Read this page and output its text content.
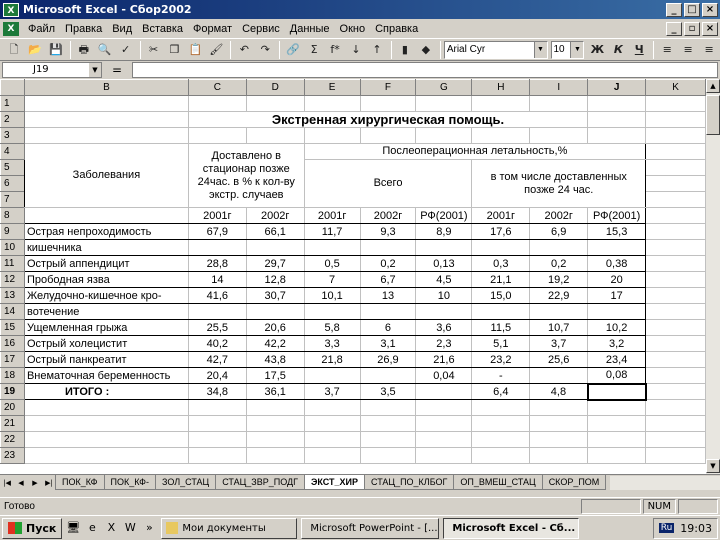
X Microsoft Excel - Сбор2002	_	□ ×
X	Файл Правка Вид Вставка Формат Сервис Данные Окно Справка	_	▫	×
🗋 📂 💾	🖶 🔍 ✓	✂	❐ 📋 🖌	↶	↷	🔗 Σ	f*	↓	↑	▮	◆	Arial Cyr	▼ 10	▼ Ж К	Ч	≡	≡	≡
J19	▼	=
	B	C	D	E	F	G	H	I	J	K
1										
2		Экстренная хирургическая помощь.								
3										
4	Заболевания	Доставлено в стационар позже 24час. в % к кол-ву экстр. случаев		Послеоперационная летальность,%						
5				Всего			в том числе доставленных позже 24 час.			
6										
7										
8		2001г	2002г	2001г	2002г	РФ(2001)	2001г	2002г	РФ(2001)	
9	Острая непроходимость	67,9	66,1	11,7	9,3	8,9	17,6	6,9	15,3	
10	кишечника									
11	Острый аппендицит	28,8	29,7	0,5	0,2	0,13	0,3	0,2	0,38	
12	Прободная язва	14	12,8	7	6,7	4,5	21,1	19,2	20	
13	Желудочно-кишечное кро-	41,6	30,7	10,1	13	10	15,0	22,9	17	
14	вотечение									
15	Ущемленная грыжа	25,5	20,6	5,8	6	3,6	11,5	10,7	10,2	
16	Острый холецистит	40,2	42,2	3,3	3,1	2,3	5,1	3,7	3,2	
17	Острый панкреатит	42,7	43,8	21,8	26,9	21,6	23,2	25,6	23,4	
18	Внематочная беременность	20,4	17,5			0,04	-		0,08	
19	ИТОГО :	34,8	36,1	3,7	3,5		6,4	4,8		
20										
21										
22										
23										
▲
▼
|◀	◀	▶	▶|	ПОК_КФ	ПОК_КФ-	ЗОЛ_СТАЦ	СТАЦ_ЗВР_ПОДГ	ЭКСТ_ХИР	СТАЦ_ПО_КЛБОГ	ОП_ВМЕШ_СТАЦ	СКОР_ПОМ
Готово	NUM
Пуск 🖥 e	X W »	Мои документы	Microsoft PowerPoint - [... Microsoft Excel - Сб...	Ru 19:03
